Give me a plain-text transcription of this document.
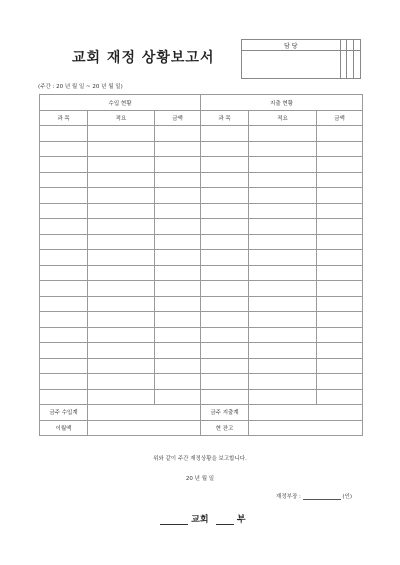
교회 재정 상황보고서
담 당			

(주간 : 20 년 월 일 ~ 20 년 월 일)
수입 현황			지출 현황		
과 목	적요	금액	과 목	적요	금액

금주 수입계			금주 지출계		
이월액			현 잔고		
위와 같이 주간 재정상황을 보고합니다.
20 년 월 일
재정부장 :	(인)
교회	부
